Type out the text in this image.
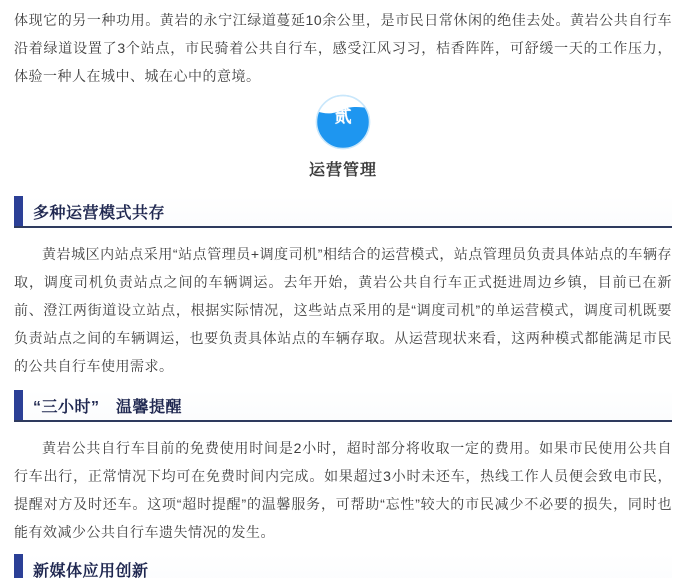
体现它的另一种功用。黄岩的永宁江绿道蔓延10余公里，是市民日常休闲的绝佳去处。黄岩公共自行车沿着绿道设置了3个站点，市民骑着公共自行车，感受江风习习，桔香阵阵，可舒缓一天的工作压力，体验一种人在城中、城在心中的意境。

贰
运营管理
多种运营模式共存

黄岩城区内站点采用“站点管理员+调度司机”相结合的运营模式，站点管理员负责具体站点的车辆存取，调度司机负责站点之间的车辆调运。去年开始，黄岩公共自行车正式挺进周边乡镇，目前已在新前、澄江两街道设立站点，根据实际情况，这些站点采用的是“调度司机”的单运营模式，调度司机既要负责站点之间的车辆调运，也要负责具体站点的车辆存取。从运营现状来看，这两种模式都能满足市民的公共自行车使用需求。

“三小时”　温馨提醒

黄岩公共自行车目前的免费使用时间是2小时，超时部分将收取一定的费用。如果市民使用公共自行车出行，正常情况下均可在免费时间内完成。如果超过3小时未还车，热线工作人员便会致电市民，提醒对方及时还车。这项“超时提醒”的温馨服务，可帮助“忘性”较大的市民减少不必要的损失，同时也能有效减少公共自行车遗失情况的发生。

新媒体应用创新
